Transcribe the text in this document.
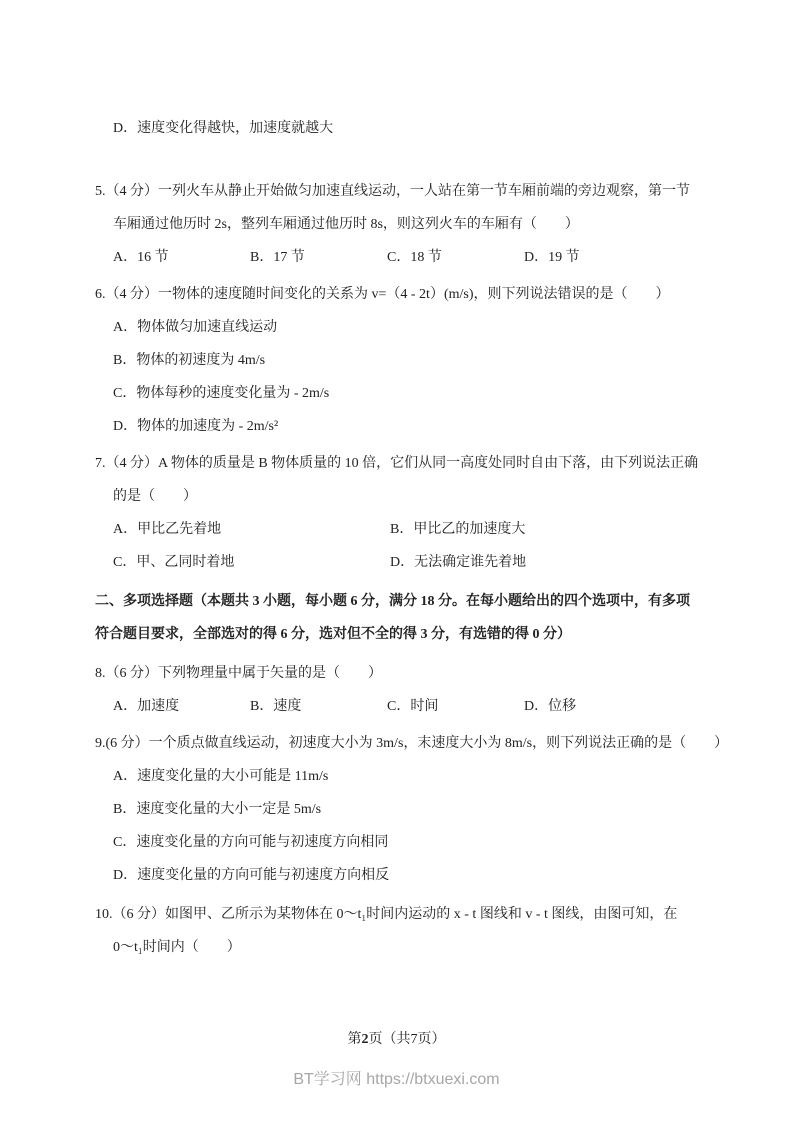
D．速度变化得越快，加速度就越大
5.（4 分）一列火车从静止开始做匀加速直线运动，一人站在第一节车厢前端的旁边观察，第一节
车厢通过他历时 2s，整列车厢通过他历时 8s，则这列火车的车厢有（　　）
A．16 节	B．17 节	C．18 节	D．19 节
6.（4 分）一物体的速度随时间变化的关系为 v=（4 - 2t）(m/s)，则下列说法错误的是（　　）
A．物体做匀加速直线运动
B．物体的初速度为 4m/s
C．物体每秒的速度变化量为 - 2m/s
D．物体的加速度为 - 2m/s²
7.（4 分）A 物体的质量是 B 物体质量的 10 倍，它们从同一高度处同时自由下落，由下列说法正确
的是（　　）
A．甲比乙先着地	B．甲比乙的加速度大
C．甲、乙同时着地	D．无法确定谁先着地
二、多项选择题（本题共 3 小题，每小题 6 分，满分 18 分。在每小题给出的四个选项中，有多项
符合题目要求，全部选对的得 6 分，选对但不全的得 3 分，有选错的得 0 分）
8.（6 分）下列物理量中属于矢量的是（　　）
A．加速度	B．速度	C．时间	D．位移
9.(6 分）一个质点做直线运动，初速度大小为 3m/s，末速度大小为 8m/s，则下列说法正确的是（　　）
A．速度变化量的大小可能是 11m/s
B．速度变化量的大小一定是 5m/s
C．速度变化量的方向可能与初速度方向相同
D．速度变化量的方向可能与初速度方向相反
10.（6 分）如图甲、乙所示为某物体在 0～t₁时间内运动的 x - t 图线和 v - t 图线，由图可知，在
0～t₁时间内（　　）
第2页（共7页）
BT学习网 https://btxuexi.com
